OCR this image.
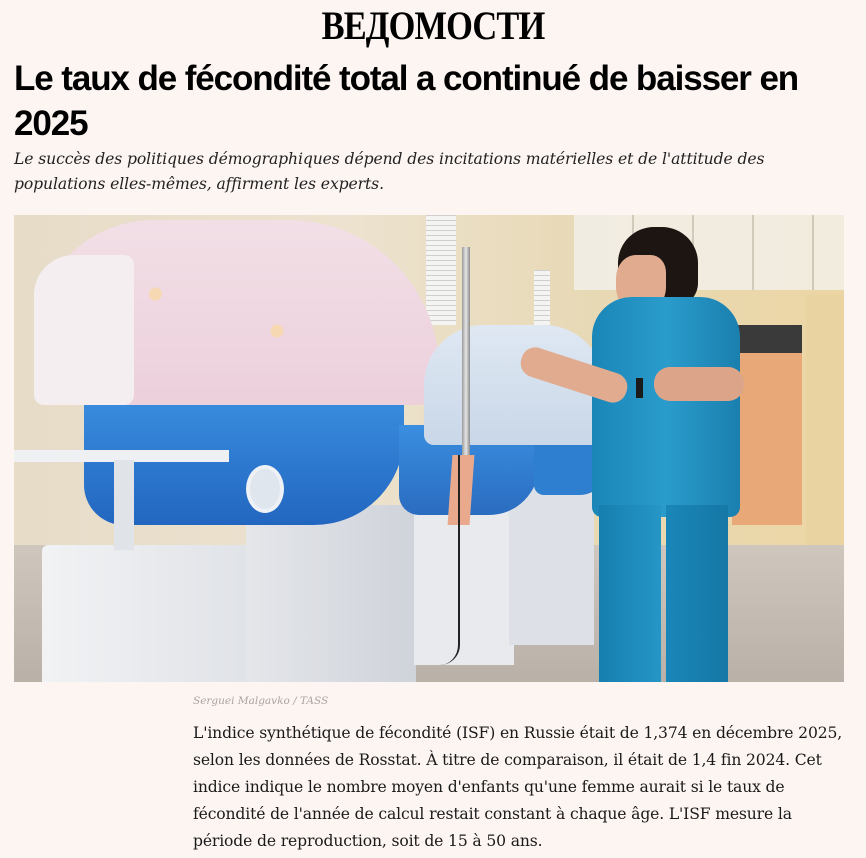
ВЕДОМОСТИ
Le taux de fécondité total a continué de baisser en 2025

Le succès des politiques démographiques dépend des incitations matérielles et de l'attitude des populations elles-mêmes, affirment les experts.

Serguei Malgavko / TASS

L'indice synthétique de fécondité (ISF) en Russie était de 1,374 en décembre 2025, selon les données de Rosstat. À titre de comparaison, il était de 1,4 fin 2024. Cet indice indique le nombre moyen d'enfants qu'une femme aurait si le taux de fécondité de l'année de calcul restait constant à chaque âge. L'ISF mesure la période de reproduction, soit de 15 à 50 ans.
